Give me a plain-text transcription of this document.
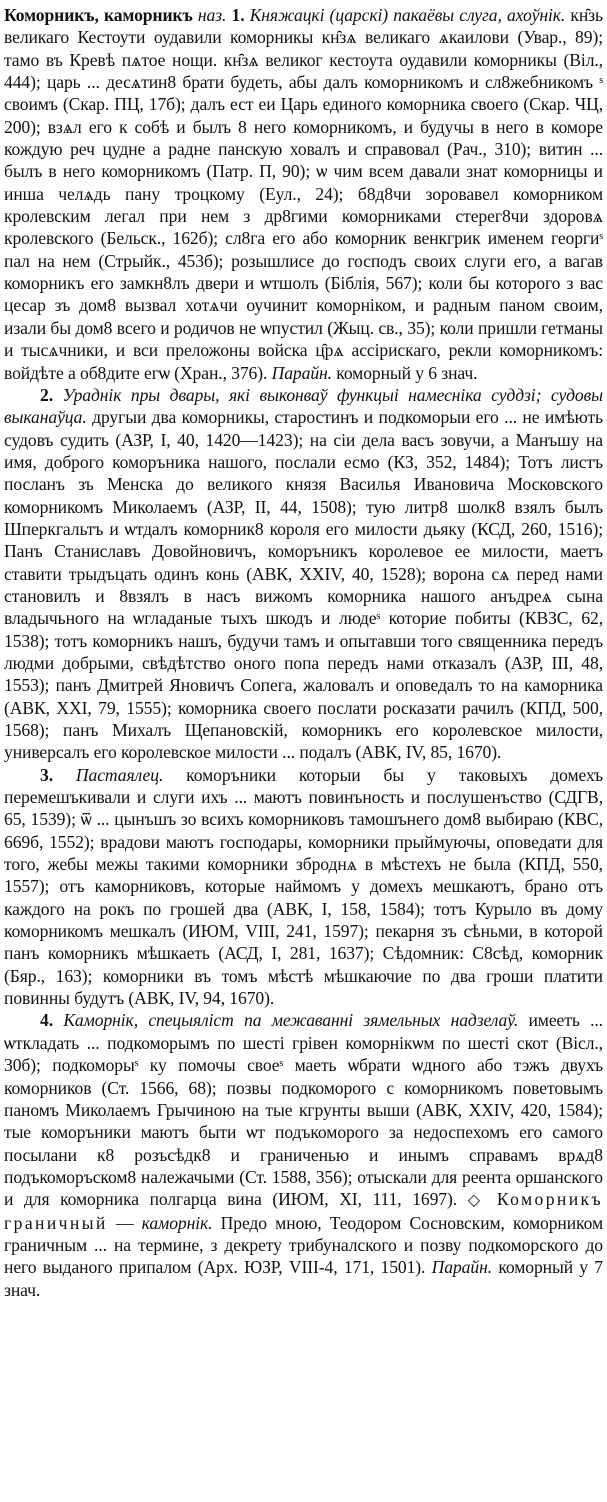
Коморникъ, каморникъ наз. 1. Княжацкі (царскі) пакаёвы слуга, ахоўнік. кн̑зь великаго Кестоути оудавили коморникы кн̑зѧ великаго ѧкаилови (Увар., 89); тамо въ Кревѣ пѧтое нощи. кн̑зѧ великог кестоута оудавили коморникы (Віл., 444); царь ... десѧтин8 брати будеть, абы далъ коморникомъ и сл8жебникомъ ˢ своимъ (Скар. ПЦ, 17б); далъ ест еи Царь единого коморника своего (Скар. ЧЦ, 200); взѧл его к собѣ и былъ 8 него коморникомъ, и будучы в него в коморе кождую реч цудне а радне панскую ховалъ и справовал (Рач., 310); витин ... былъ в него коморникомъ (Патр. П, 90); ѡ чим всем давали знат коморницы и инша челѧдь пану троцкому (Еул., 24); б8д8чи зоровавел коморником кролевским легал при нем з др8гими коморниками стерег8чи здоровѧ кролевского (Бельск., 162б); сл8га его або коморник венкгрик именем георгиˢ пал на нем (Стрыйк., 453б); розышлисе до господъ своих слуги его, а вагав коморникъ его замкн8лъ двери и ѡтшолъ (Біблія, 567); коли бы которого з вас цесар зъ дом8 вызвал хотѧчи оучинит коморніком, и радным паном своим, изали бы дом8 всего и родичов не ѡпустил (Жыц. св., 35); коли пришли гетманы и тысѧчники, и вси преложоны войска ц̑рѧ ассірискаго, рекли коморникомъ: войдѣте а об8дите егѡ (Хран., 376). Парайн. коморный у 6 знач.

2. Ураднік пры двары, які выконваў функцыі намесніка суддзі; судовы выканаўца. другыи два коморникы, старостинъ и подкоморыи его ... не имѣють судовъ судить (АЗР, І, 40, 1420—1423); на сіи дела васъ зовучи, а Манъшу на имя, доброго коморъника нашого, послали есмо (КЗ, 352, 1484); Тотъ листъ посланъ зъ Менска до великого князя Василья Ивановича Московского коморникомъ Миколаемъ (АЗР, II, 44, 1508); тую литр8 шолк8 взялъ былъ Шперкгальтъ и ѡтдалъ коморник8 короля его милости дьяку (КСД, 260, 1516); Панъ Станиславъ Довойновичъ, коморъникъ королевое ее милости, маетъ ставити трыдъцать одинъ конь (АВК, XXIV, 40, 1528); ворона сѧ перед нами становилъ и 8взялъ в насъ вижомъ коморника нашого анъдреѧ сына владычьного на ѡгладаные тыхъ шкодъ и людеˢ которие побиты (КВЗС, 62, 1538); тотъ коморникъ нашъ, будучи тамъ и опытавши того священника передъ людми добрыми, свѣдѣтство оного попа передъ нами отказалъ (АЗР, III, 48, 1553); панъ Дмитрей Яновичъ Сопега, жаловалъ и оповедалъ то на каморника (АВК, XXI, 79, 1555); коморника своего послати росказати рачилъ (КПД, 500, 1568); панъ Михалъ Щепановскій, коморникъ его королевское милости, универсалъ его королевское милости ... подалъ (АВК, IV, 85, 1670).

3. Пастаялец. коморъники которыи бы у таковыхъ домехъ перемешъкивали и слуги ихъ ... маютъ повинъность и послушенъство (СДГВ, 65, 1539); ѿ ... цынъшъ зо всихъ коморниковъ тамошънего дом8 выбираю (КВС, 669б, 1552); врадови маютъ господары, коморники прыймуючы, оповедати для того, жебы межы такими коморники зброднѧ в мѣстехъ не была (КПД, 550, 1557); отъ каморниковъ, которые наймомъ у домехъ мешкаютъ, брано отъ каждого на рокъ по грошей два (АВК, І, 158, 1584); тотъ Курыло въ дому коморникомъ мешкалъ (ИЮМ, VIII, 241, 1597); пекарня зъ сѣньми, в которой панъ коморникъ мѣшкаеть (АСД, І, 281, 1637); Сѣдомник: С8сѣд, коморник (Бяр., 163); коморники въ томъ мѣстѣ мѣшкаючие по два гроши платити повинны будутъ (АВК, IV, 94, 1670).

4. Каморнік, спецыяліст па межаванні зямельных надзелаў. имееть ... ѡткладать ... подкоморымъ по шесті грівен коморнікѡм по шесті скот (Вісл., 30б); подкоморыˢ ку помочы своеˢ маеть ѡбрати ѡдного або тэжъ двухъ коморников (Ст. 1566, 68); позвы подкоморого с коморникомъ поветовымъ паномъ Миколаемъ Грычиною на тые кгрунты выши (АВК, XXIV, 420, 1584); тые коморъники маютъ быти ѡт подъкоморого за недоспехомъ его самого посылани к8 розъсѣдк8 и граниченью и инымъ справамъ врѧд8 подъкоморъском8 належачыми (Ст. 1588, 356); отыскали для реента оршанского и для коморника полгарца вина (ИЮМ, XI, 111, 1697). ◇ Коморникъ граничный — каморнік. Предо мною, Теодором Сосновским, коморником граничным ... на термине, з декрету трибуналского и позву подкоморского до него выданого припалом (Арх. ЮЗР, VIII-4, 171, 1501). Парайн. коморный у 7 знач.
